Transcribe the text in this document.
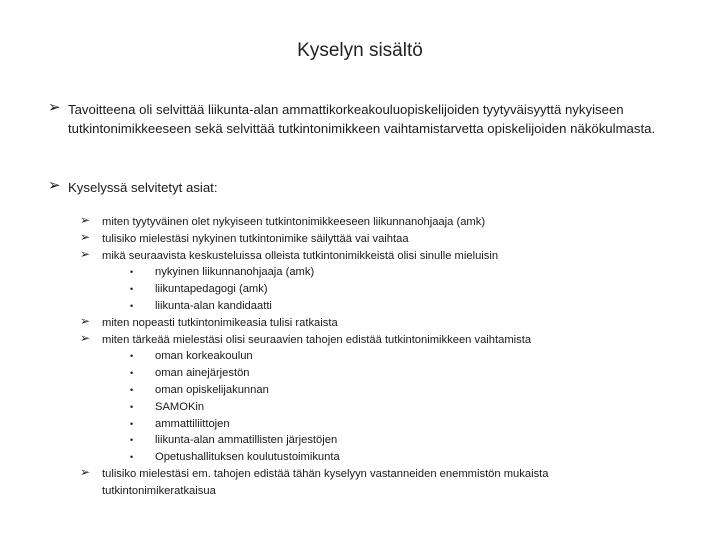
Kyselyn sisältö
➢ Tavoitteena oli selvittää liikunta-alan ammattikorkeakouluopiskelijoiden tyytyväisyyttä nykyiseen tutkintonimikkeeseen sekä selvittää tutkintonimikkeen vaihtamistarvetta opiskelijoiden näkökulmasta.
➢ Kyselyssä selvitetyt asiat:
➢	miten tyytyväinen olet nykyiseen tutkintonimikkeeseen liikunnanohjaaja (amk)
➢	tulisiko mielestäsi nykyinen tutkintonimike säilyttää vai vaihtaa
➢	mikä seuraavista keskusteluissa olleista tutkintonimikkeistä olisi sinulle mieluisin
•	nykyinen liikunnanohjaaja (amk)
•	liikuntapedagogi (amk)
•	liikunta-alan kandidaatti
➢	miten nopeasti tutkintonimikeasia tulisi ratkaista
➢	miten tärkeää mielestäsi olisi seuraavien tahojen edistää tutkintonimikkeen vaihtamista
•	oman korkeakoulun
•	oman ainejärjestön
•	oman opiskelijakunnan
•	SAMOKin
•	ammattiliittojen
•	liikunta-alan ammatillisten järjestöjen
•	Opetushallituksen koulutustoimikunta
➢	tulisiko mielestäsi em. tahojen edistää tähän kyselyyn vastanneiden enemmistön mukaista tutkintonimikeratkaisua
